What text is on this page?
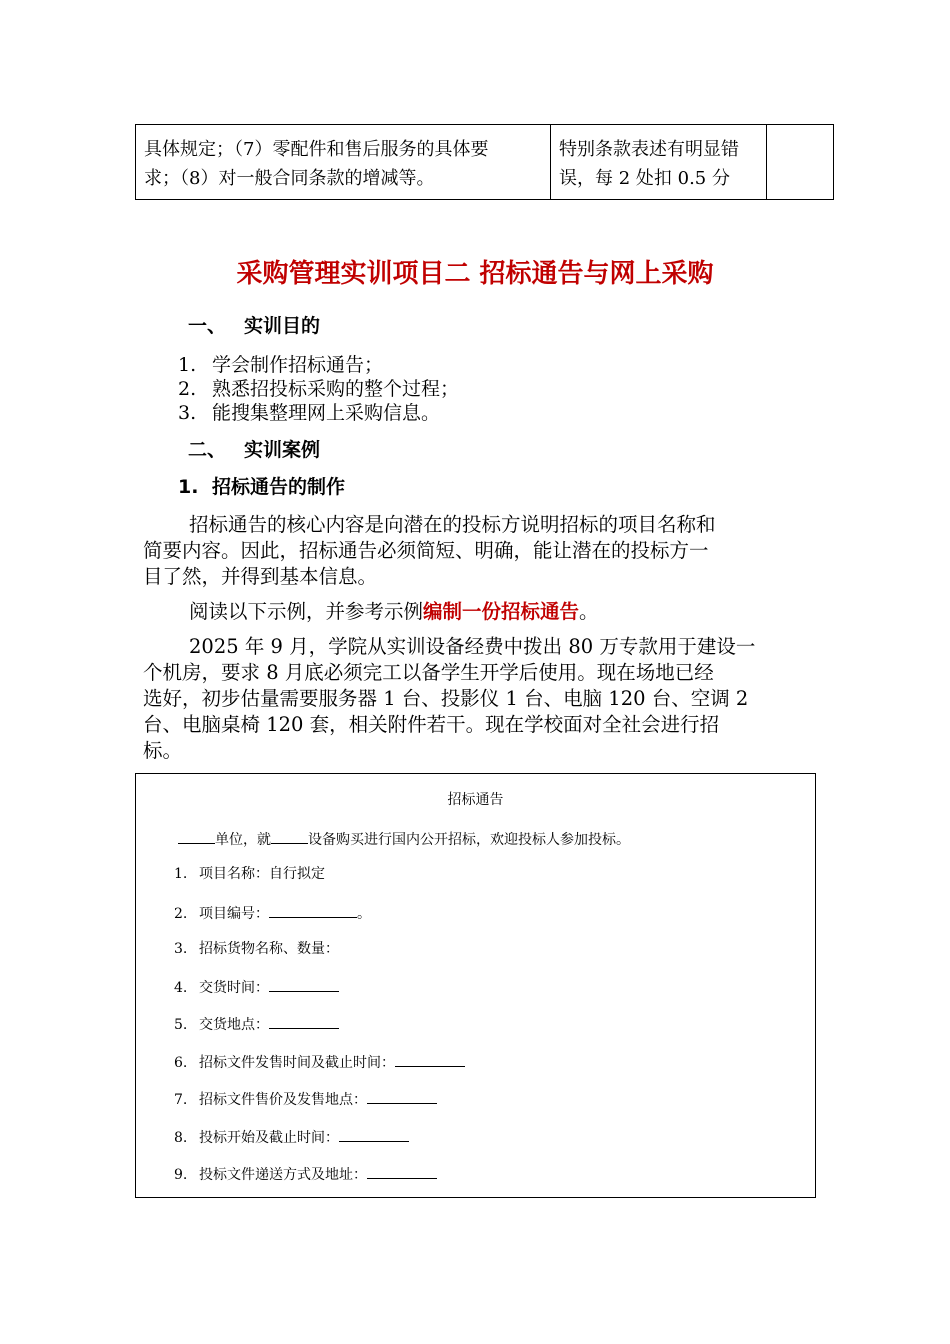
具体规定；（7）零配件和售后服务的具体要
求；（8）对一般合同条款的增减等。
特别条款表述有明显错
误，每 2 处扣 0.5 分
采购管理实训项目二 招标通告与网上采购
一、 实训目的
1. 学会制作招标通告；
2. 熟悉招投标采购的整个过程；
3. 能搜集整理网上采购信息。
二、 实训案例
1. 招标通告的制作
招标通告的核心内容是向潜在的投标方说明招标的项目名称和
简要内容。因此，招标通告必须简短、明确，能让潜在的投标方一
目了然，并得到基本信息。
阅读以下示例，并参考示例编制一份招标通告。
2025 年 9 月，学院从实训设备经费中拨出 80 万专款用于建设一
个机房，要求 8 月底必须完工以备学生开学后使用。现在场地已经
选好，初步估量需要服务器 1 台、投影仪 1 台、电脑 120 台、空调 2
台、电脑桌椅 120 套，相关附件若干。现在学校面对全社会进行招
标。
招标通告
单位，就	设备购买进行国内公开招标，欢迎投标人参加投标。
1. 项目名称：自行拟定
2. 项目编号：	。
3. 招标货物名称、数量：
4. 交货时间：
5. 交货地点：
6. 招标文件发售时间及截止时间：
7. 招标文件售价及发售地点：
8. 投标开始及截止时间：
9. 投标文件递送方式及地址：
